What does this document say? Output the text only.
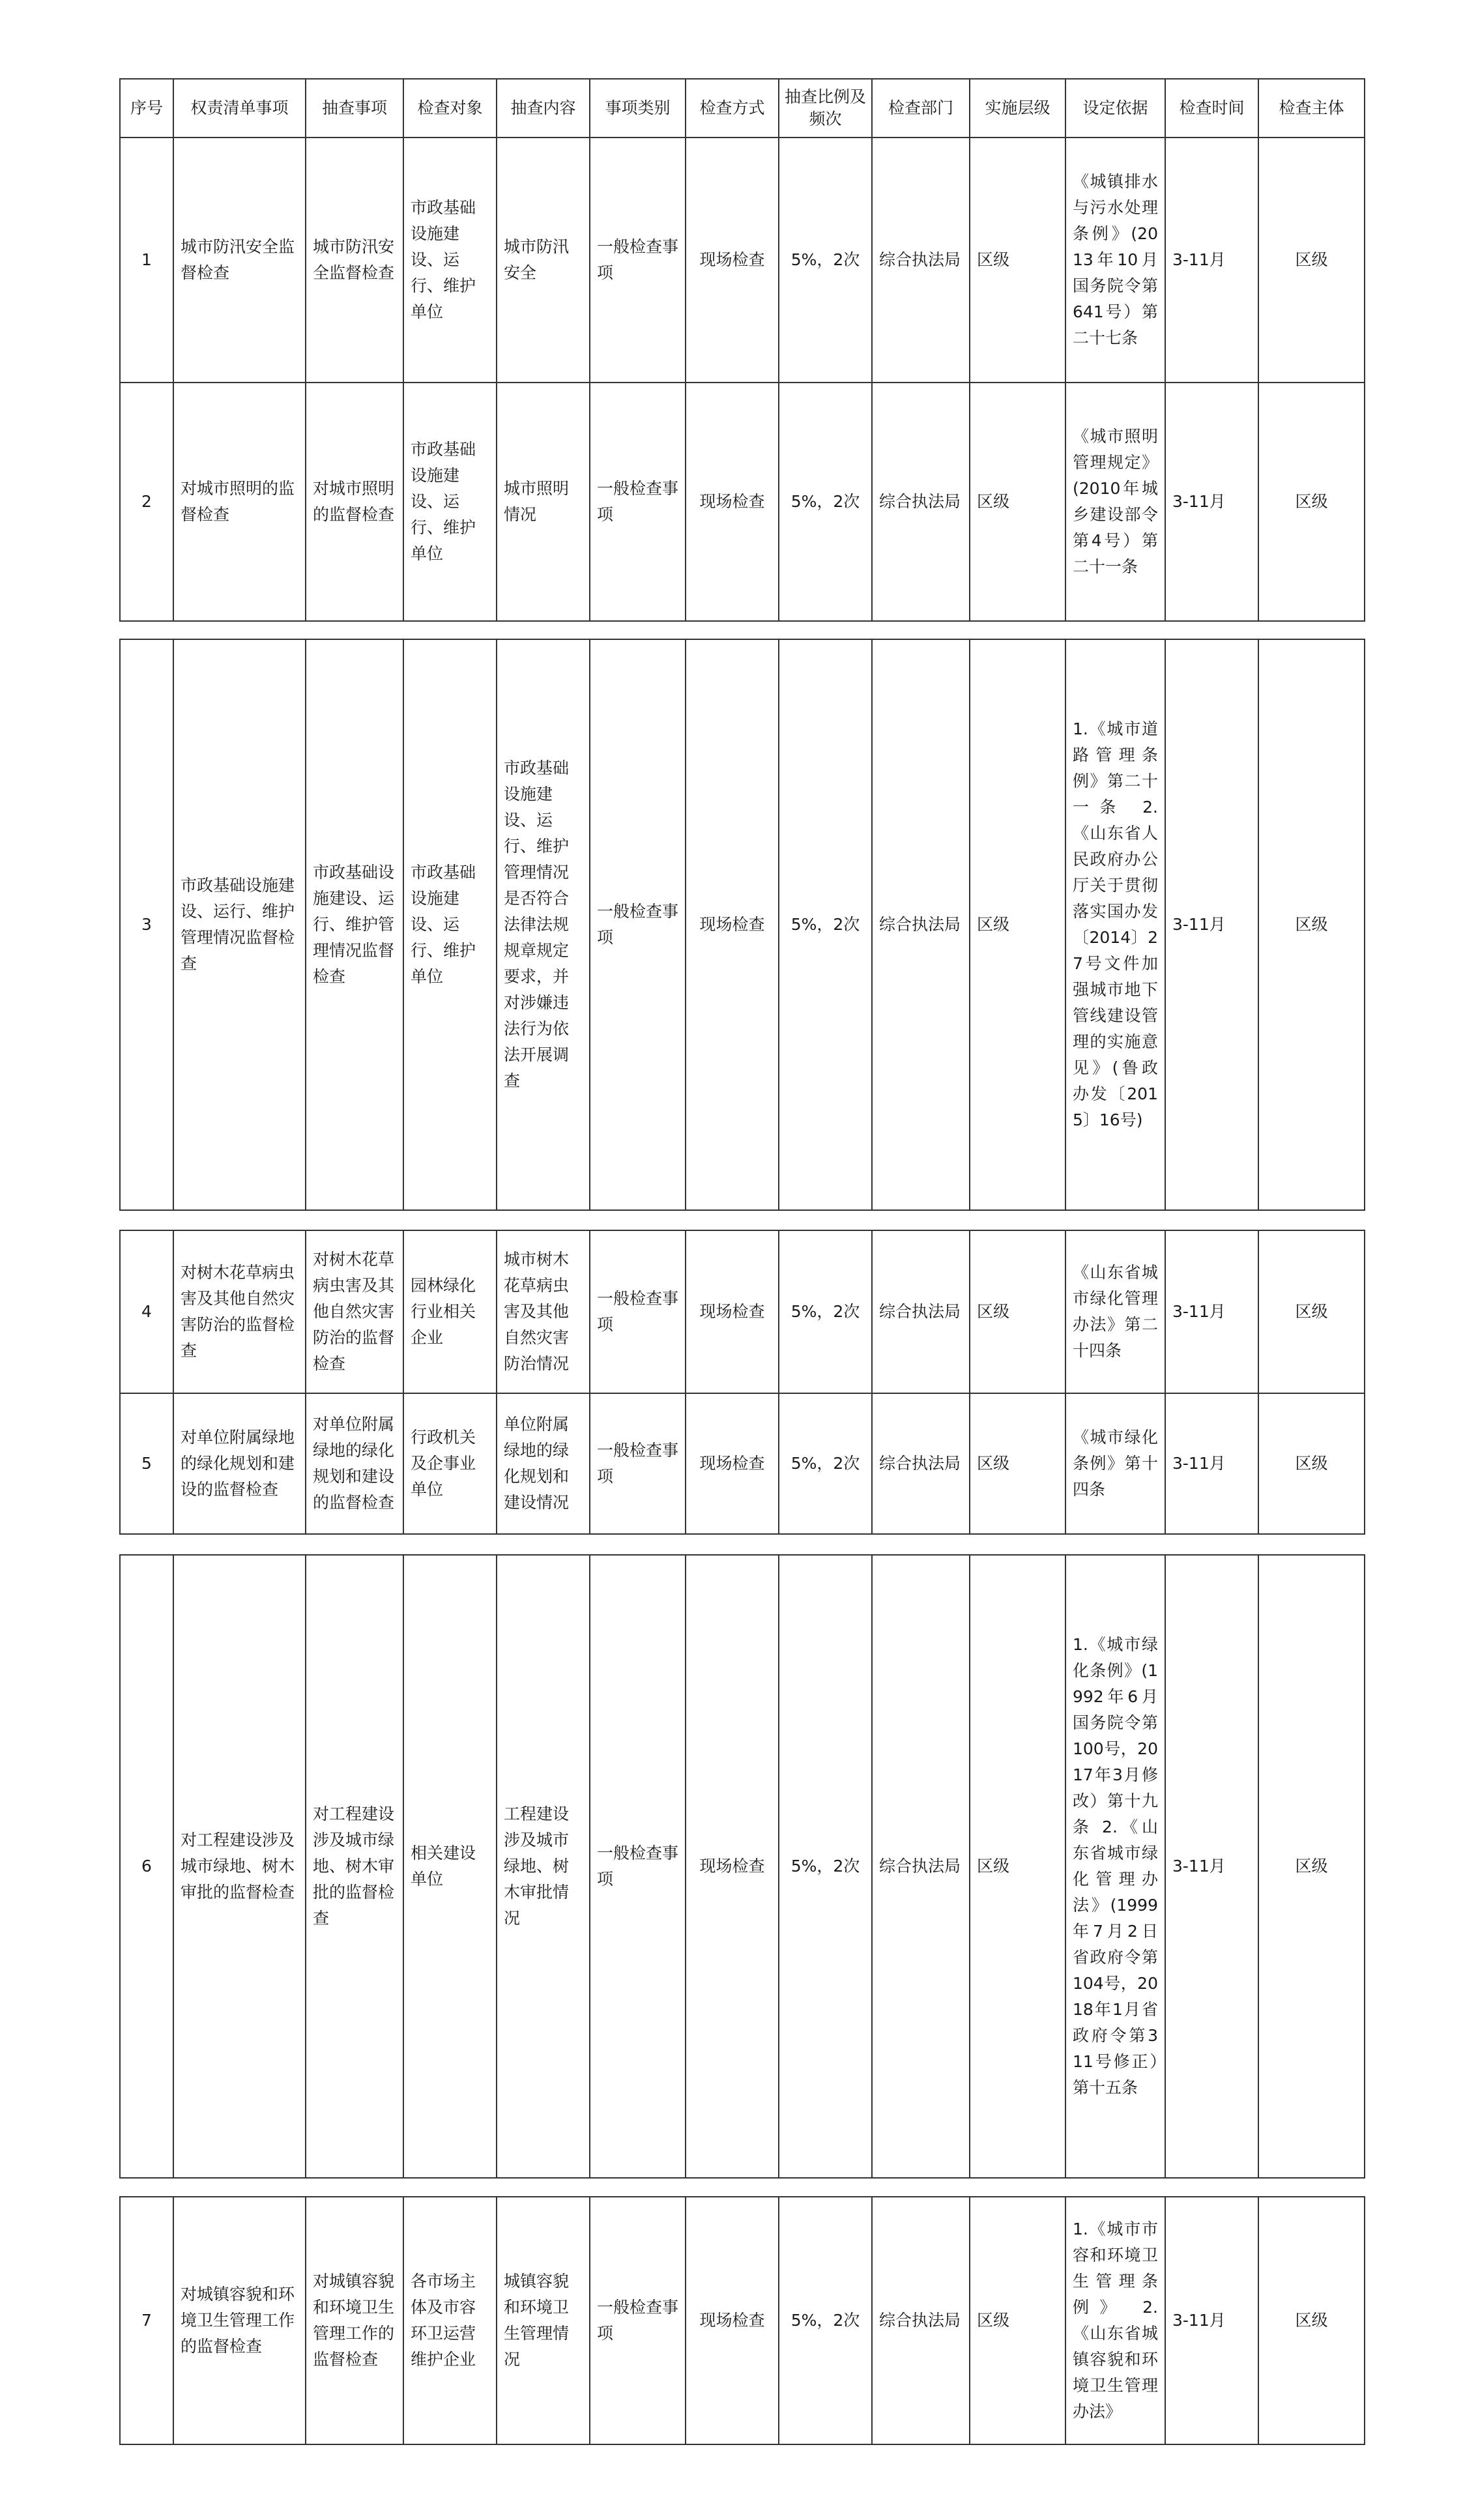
序号	权责清单事项	抽查事项	检查对象	抽查内容	事项类别	检查方式	抽查比例及频次	检查部门	实施层级	设定依据	检查时间	检查主体
1	城市防汛安全监督检查	城市防汛安全监督检查	市政基础设施建设、运行、维护单位	城市防汛安全	一般检查事项	现场检查	5%，2次	综合执法局	区级	《城镇排水与污水处理条例》(2013年10月国务院令第641号）第二十七条	3-11月	区级
2	对城市照明的监督检查	对城市照明的监督检查	市政基础设施建设、运行、维护单位	城市照明情况	一般检查事项	现场检查	5%，2次	综合执法局	区级	《城市照明管理规定》(2010年城乡建设部令第4号）第二十一条	3-11月	区级
3	市政基础设施建设、运行、维护管理情况监督检查	市政基础设施建设、运行、维护管理情况监督检查	市政基础设施建设、运行、维护单位	市政基础设施建设、运行、维护管理情况是否符合法律法规规章规定要求，并对涉嫌违法行为依法开展调查	一般检查事项	现场检查	5%，2次	综合执法局	区级	1.《城市道路管理条例》第二十一条 2.《山东省人民政府办公厅关于贯彻落实国办发〔2014〕27号文件加强城市地下管线建设管理的实施意见》(鲁政办发〔2015〕16号)	3-11月	区级
4	对树木花草病虫害及其他自然灾害防治的监督检查	对树木花草病虫害及其他自然灾害防治的监督检查	园林绿化行业相关企业	城市树木花草病虫害及其他自然灾害防治情况	一般检查事项	现场检查	5%，2次	综合执法局	区级	《山东省城市绿化管理办法》第二十四条	3-11月	区级
5	对单位附属绿地的绿化规划和建设的监督检查	对单位附属绿地的绿化规划和建设的监督检查	行政机关及企事业单位	单位附属绿地的绿化规划和建设情况	一般检查事项	现场检查	5%，2次	综合执法局	区级	《城市绿化条例》第十四条	3-11月	区级
6	对工程建设涉及城市绿地、树木审批的监督检查	对工程建设涉及城市绿地、树木审批的监督检查	相关建设单位	工程建设涉及城市绿地、树木审批情况	一般检查事项	现场检查	5%，2次	综合执法局	区级	1.《城市绿化条例》(1992年6月国务院令第100号，2017年3月修改）第十九条 2.《山东省城市绿化管理办法》(1999年7月2日省政府令第104号，2018年1月省政府令第311号修正）第十五条	3-11月	区级
7	对城镇容貌和环境卫生管理工作的监督检查	对城镇容貌和环境卫生管理工作的监督检查	各市场主体及市容环卫运营维护企业	城镇容貌和环境卫生管理情况	一般检查事项	现场检查	5%，2次	综合执法局	区级	1.《城市市容和环境卫生管理条例》 2.《山东省城镇容貌和环境卫生管理办法》	3-11月	区级
